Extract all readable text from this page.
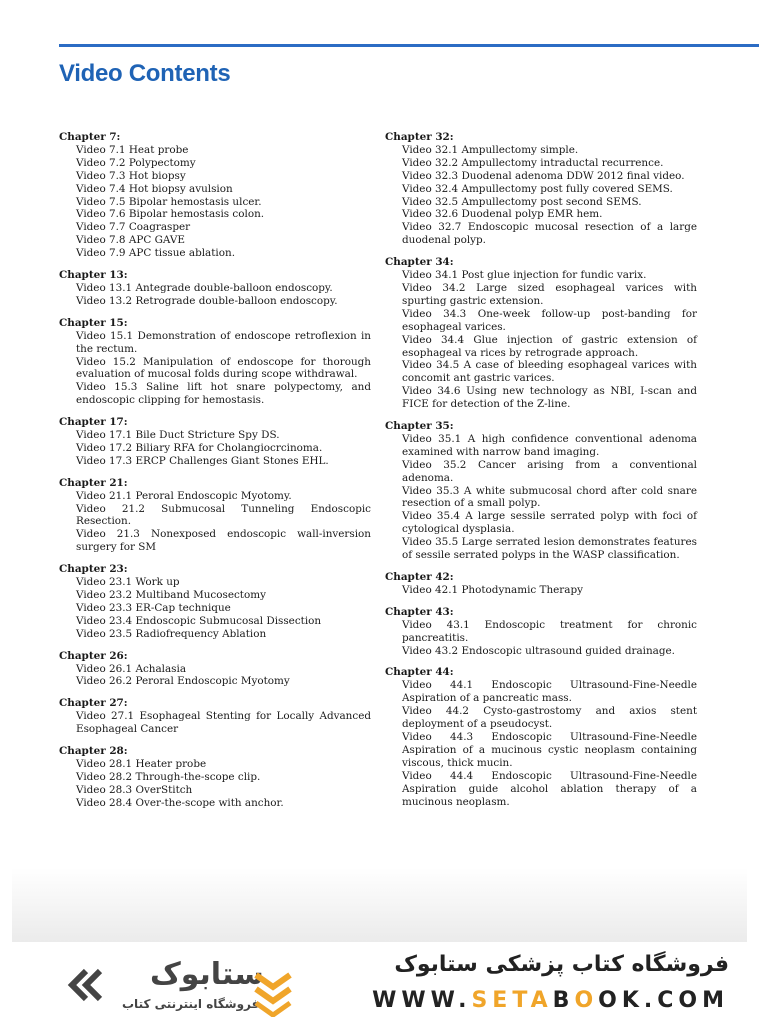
Video Contents
Chapter 7:
Video 7.1 Heat probe
Video 7.2 Polypectomy
Video 7.3 Hot biopsy
Video 7.4 Hot biopsy avulsion
Video 7.5 Bipolar hemostasis ulcer.
Video 7.6 Bipolar hemostasis colon.
Video 7.7 Coagrasper
Video 7.8 APC GAVE
Video 7.9 APC tissue ablation.
Chapter 13:
Video 13.1 Antegrade double-balloon endoscopy.
Video 13.2 Retrograde double-balloon endoscopy.
Chapter 15:
Video 15.1 Demonstration of endoscope retroflexion in the rectum.
Video 15.2 Manipulation of endoscope for thorough evaluation of mucosal folds during scope withdrawal.
Video 15.3 Saline lift hot snare polypectomy, and endoscopic clipping for hemostasis.
Chapter 17:
Video 17.1 Bile Duct Stricture Spy DS.
Video 17.2 Biliary RFA for Cholangiocrcinoma.
Video 17.3 ERCP Challenges Giant Stones EHL.
Chapter 21:
Video 21.1 Peroral Endoscopic Myotomy.
Video 21.2 Submucosal Tunneling Endoscopic Resection.
Video 21.3 Nonexposed endoscopic wall-inversion surgery for SM
Chapter 23:
Video 23.1 Work up
Video 23.2 Multiband Mucosectomy
Video 23.3 ER-Cap technique
Video 23.4 Endoscopic Submucosal Dissection
Video 23.5 Radiofrequency Ablation
Chapter 26:
Video 26.1 Achalasia
Video 26.2 Peroral Endoscopic Myotomy
Chapter 27:
Video 27.1 Esophageal Stenting for Locally Advanced Esophageal Cancer
Chapter 28:
Video 28.1 Heater probe
Video 28.2 Through-the-scope clip.
Video 28.3 OverStitch
Video 28.4 Over-the-scope with anchor.
Chapter 32:
Video 32.1 Ampullectomy simple.
Video 32.2 Ampullectomy intraductal recurrence.
Video 32.3 Duodenal adenoma DDW 2012 final video.
Video 32.4 Ampullectomy post fully covered SEMS.
Video 32.5 Ampullectomy post second SEMS.
Video 32.6 Duodenal polyp EMR hem.
Video 32.7 Endoscopic mucosal resection of a large duodenal polyp.
Chapter 34:
Video 34.1 Post glue injection for fundic varix.
Video 34.2 Large sized esophageal varices with spurting gastric extension.
Video 34.3 One-week follow-up post-banding for esophageal varices.
Video 34.4 Glue injection of gastric extension of esophageal va rices by retrograde approach.
Video 34.5 A case of bleeding esophageal varices with concomit ant gastric varices.
Video 34.6 Using new technology as NBI, I-scan and FICE for detection of the Z-line.
Chapter 35:
Video 35.1 A high confidence conventional adenoma examined with narrow band imaging.
Video 35.2 Cancer arising from a conventional adenoma.
Video 35.3 A white submucosal chord after cold snare resection of a small polyp.
Video 35.4 A large sessile serrated polyp with foci of cytological dysplasia.
Video 35.5 Large serrated lesion demonstrates features of sessile serrated polyps in the WASP classification.
Chapter 42:
Video 42.1 Photodynamic Therapy
Chapter 43:
Video 43.1 Endoscopic treatment for chronic pancreatitis.
Video 43.2 Endoscopic ultrasound guided drainage.
Chapter 44:
Video 44.1 Endoscopic Ultrasound-Fine-Needle Aspiration of a pancreatic mass.
Video 44.2 Cysto-gastrostomy and axios stent deployment of a pseudocyst.
Video 44.3 Endoscopic Ultrasound-Fine-Needle Aspiration of a mucinous cystic neoplasm containing viscous, thick mucin.
Video 44.4 Endoscopic Ultrasound-Fine-Needle Aspiration guide alcohol ablation therapy of a mucinous neoplasm.
ستابوک
فروشگاه اینترنتی کتاب
فروشگاه کتاب پزشکی ستابوک
WWW.SETABOOK.COM
